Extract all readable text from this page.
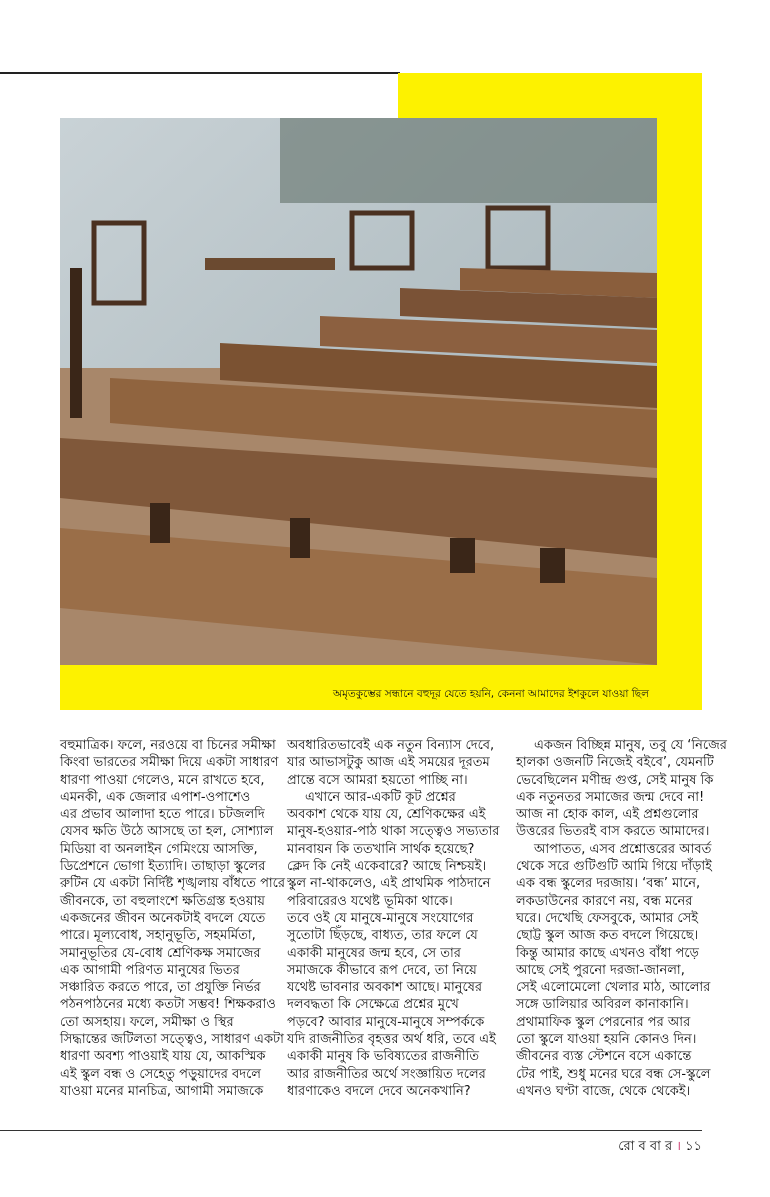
অমৃতকুম্ভের সন্ধানে বহুদূর যেতে হয়নি, কেননা আমাদের ইশকুলে যাওয়া ছিল
বহুমাত্রিক। ফলে, নরওয়ে বা চিনের সমীক্ষা
কিংবা ভারতের সমীক্ষা দিয়ে একটা সাধারণ
ধারণা পাওয়া গেলেও, মনে রাখতে হবে,
এমনকী, এক জেলার এপাশ-ওপাশেও
এর প্রভাব আলাদা হতে পারে। চটজলদি
যেসব ক্ষতি উঠে আসছে তা হল, সোশ্যাল
মিডিয়া বা অনলাইন গেমিংয়ে আসক্তি,
ডিপ্রেশনে ভোগা ইত্যাদি। তাছাড়া স্কুলের
রুটিন যে একটা নির্দিষ্ট শৃঙ্খলায় বাঁধতে পারে
জীবনকে, তা বহুলাংশে ক্ষতিগ্রস্ত হওয়ায়
একজনের জীবন অনেকটাই বদলে যেতে
পারে। মূল্যবোধ, সহানুভূতি, সহমর্মিতা,
সমানুভূতির যে-বোধ শ্রেণিকক্ষ সমাজের
এক আগামী পরিণত মানুষের ভিতর
সঞ্চারিত করতে পারে, তা প্রযুক্তি নির্ভর
পঠনপাঠনের মধ্যে কতটা সম্ভব! শিক্ষকরাও
তো অসহায়। ফলে, সমীক্ষা ও স্থির
সিদ্ধান্তের জটিলতা সত্ত্বেও, সাধারণ একটা
ধারণা অবশ্য পাওয়াই যায় যে, আকস্মিক
এই স্কুল বন্ধ ও সেহেতু পড়ুয়াদের বদলে
যাওয়া মনের মানচিত্র, আগামী সমাজকে
অবধারিতভাবেই এক নতুন বিন্যাস দেবে,
যার আভাসটুকু আজ এই সময়ের দূরতম
প্রান্তে বসে আমরা হয়তো পাচ্ছি না।
এখানে আর-একটি কূট প্রশ্নের
অবকাশ থেকে যায় যে, শ্রেণিকক্ষের এই
মানুষ-হওয়ার-পাঠ থাকা সত্ত্বেও সভ্যতার
মানবায়ন কি ততখানি সার্থক হয়েছে?
ক্লেদ কি নেই একেবারে? আছে নিশ্চয়ই।
স্কুল না-থাকলেও, এই প্রাথমিক পাঠদানে
পরিবারেরও যথেষ্ট ভূমিকা থাকে।
তবে ওই যে মানুষে-মানুষে সংযোগের
সুতোটা ছিঁড়ছে, বাধ্যত, তার ফলে যে
একাকী মানুষের জন্ম হবে, সে তার
সমাজকে কীভাবে রূপ দেবে, তা নিয়ে
যথেষ্ট ভাবনার অবকাশ আছে। মানুষের
দলবদ্ধতা কি সেক্ষেত্রে প্রশ্নের মুখে
পড়বে? আবার মানুষে-মানুষে সম্পর্ককে
যদি রাজনীতির বৃহত্তর অর্থ ধরি, তবে এই
একাকী মানুষ কি ভবিষ্যতের রাজনীতি
আর রাজনীতির অর্থে সংজ্ঞায়িত দলের
ধারণাকেও বদলে দেবে অনেকখানি?
একজন বিচ্ছিন্ন মানুষ, তবু যে ‘নিজের
হালকা ওজনটি নিজেই বইবে’, যেমনটি
ভেবেছিলেন মণীন্দ্র গুপ্ত, সেই মানুষ কি
এক নতুনতর সমাজের জন্ম দেবে না!
আজ না হোক কাল, এই প্রশ্নগুলোর
উত্তরের ভিতরই বাস করতে আমাদের।
আপাতত, এসব প্রশ্নোত্তরের আবর্ত
থেকে সরে গুটিগুটি আমি গিয়ে দাঁড়াই
এক বন্ধ স্কুলের দরজায়। ‘বন্ধ’ মানে,
লকডাউনের কারণে নয়, বন্ধ মনের
ঘরে। দেখেছি ফেসবুকে, আমার সেই
ছোট্ট স্কুল আজ কত বদলে গিয়েছে।
কিন্তু আমার কাছে এখনও বাঁধা পড়ে
আছে সেই পুরনো দরজা-জানলা,
সেই এলোমেলো খেলার মাঠ, আলোর
সঙ্গে ডালিয়ার অবিরল কানাকানি।
প্রথামাফিক স্কুল পেরনোর পর আর
তো স্কুলে যাওয়া হয়নি কোনও দিন।
জীবনের ব্যস্ত স্টেশনে বসে একান্তে
টের পাই, শুধু মনের ঘরে বন্ধ সে-স্কুলে
এখনও ঘণ্টা বাজে, থেকে থেকেই।
রো ব বা র । ১১
